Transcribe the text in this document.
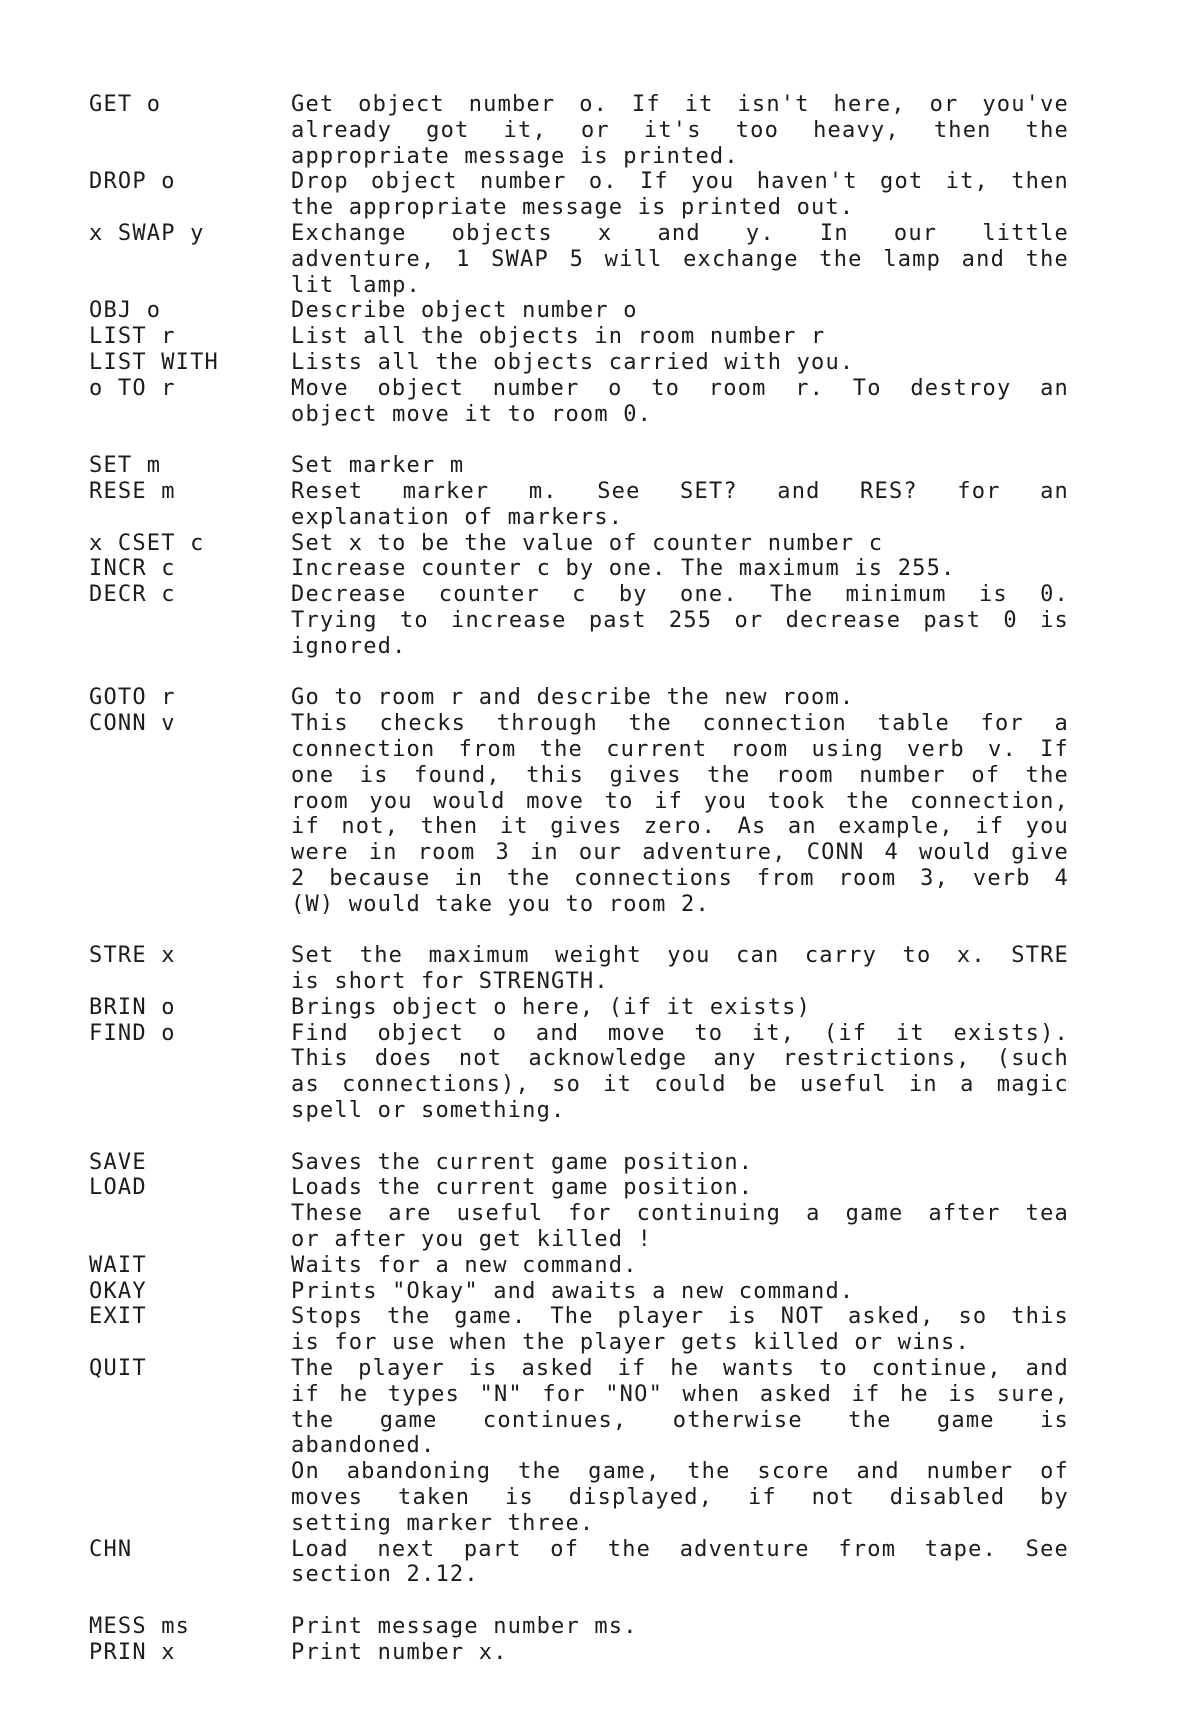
GET o	Get object number o. If it isn't here, or you've
already got it, or it's too heavy, then the
appropriate message is printed.
DROP o	Drop object number o. If you haven't got it, then
the appropriate message is printed out.
x SWAP y	Exchange objects x and y. In our little
adventure, 1 SWAP 5 will exchange the lamp and the
lit lamp.
OBJ o	Describe object number o
LIST r	List all the objects in room number r
LIST WITH	Lists all the objects carried with you.
o TO r	Move object number o to room r. To destroy an
object move it to room 0.
SET m	Set marker m
RESE m	Reset marker m. See SET? and RES? for an
explanation of markers.
x CSET c	Set x to be the value of counter number c
INCR c	Increase counter c by one. The maximum is 255.
DECR c	Decrease counter c by one. The minimum is 0.
Trying to increase past 255 or decrease past 0 is
ignored.
GOTO r	Go to room r and describe the new room.
CONN v	This checks through the connection table for a
connection from the current room using verb v. If
one is found, this gives the room number of the
room you would move to if you took the connection,
if not, then it gives zero. As an example, if you
were in room 3 in our adventure, CONN 4 would give
2 because in the connections from room 3, verb 4
(W) would take you to room 2.
STRE x	Set the maximum weight you can carry to x. STRE
is short for STRENGTH.
BRIN o	Brings object o here, (if it exists)
FIND o	Find object o and move to it, (if it exists).
This does not acknowledge any restrictions, (such
as connections), so it could be useful in a magic
spell or something.
SAVE	Saves the current game position.
LOAD	Loads the current game position.
These are useful for continuing a game after tea
or after you get killed !
WAIT	Waits for a new command.
OKAY	Prints "Okay" and awaits a new command.
EXIT	Stops the game. The player is NOT asked, so this
is for use when the player gets killed or wins.
QUIT	The player is asked if he wants to continue, and
if he types "N" for "NO" when asked if he is sure,
the game continues, otherwise the game is
abandoned.
On abandoning the game, the score and number of
moves taken is displayed, if not disabled by
setting marker three.
CHN	Load next part of the adventure from tape. See
section 2.12.
MESS ms	Print message number ms.
PRIN x	Print number x.
